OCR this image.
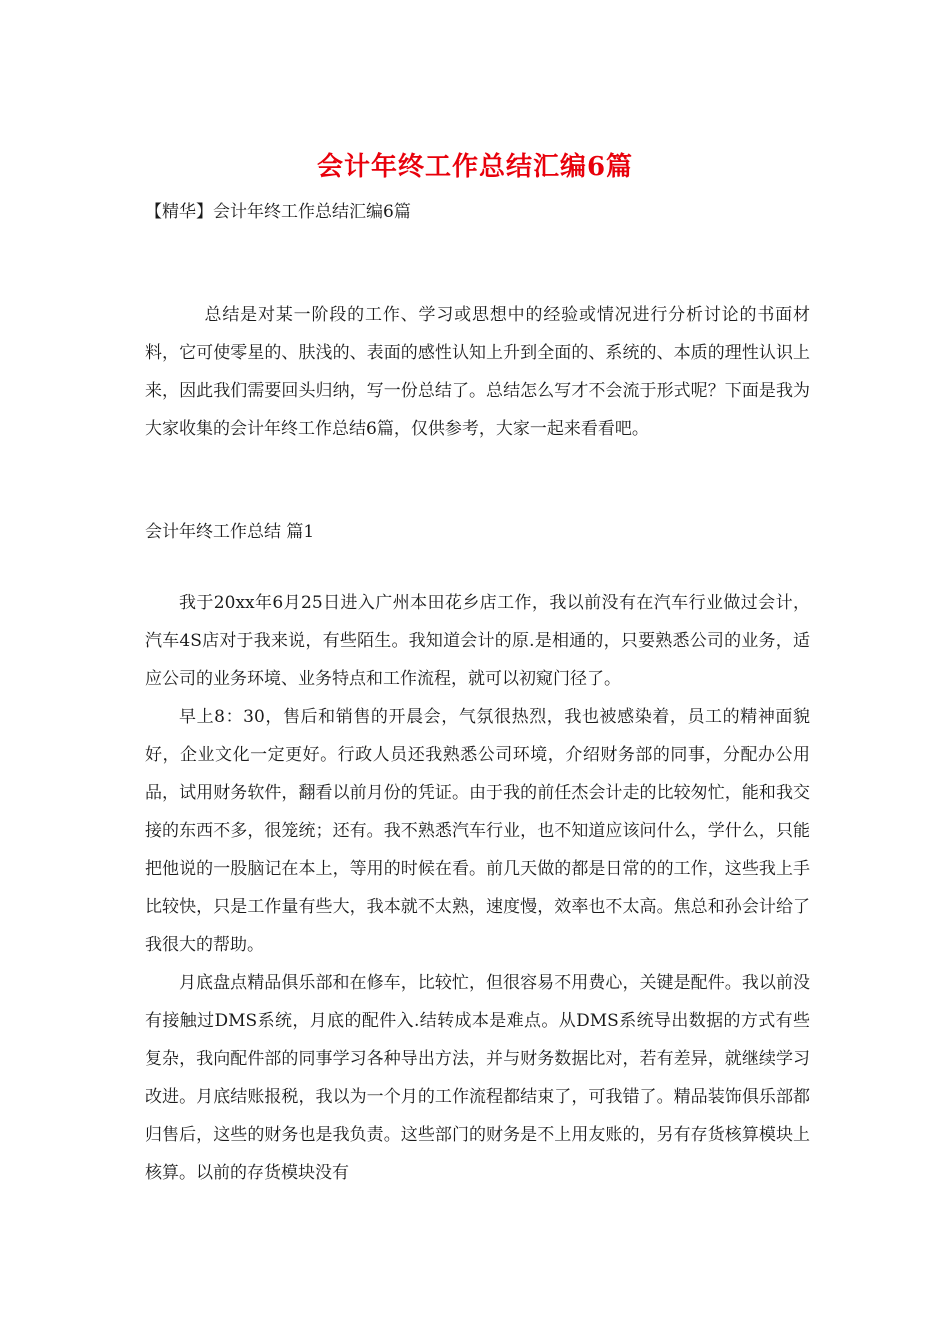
会计年终工作总结汇编6篇
【精华】会计年终工作总结汇编6篇

总结是对某一阶段的工作、学习或思想中的经验或情况进行分析讨论的书面材料，它可使零星的、肤浅的、表面的感性认知上升到全面的、系统的、本质的理性认识上来，因此我们需要回头归纳，写一份总结了。总结怎么写才不会流于形式呢？下面是我为大家收集的会计年终工作总结6篇，仅供参考，大家一起来看看吧。

会计年终工作总结 篇1

我于20xx年6月25日进入广州本田花乡店工作，我以前没有在汽车行业做过会计，汽车4S店对于我来说，有些陌生。我知道会计的原.是相通的，只要熟悉公司的业务，适应公司的业务环境、业务特点和工作流程，就可以初窥门径了。

早上8：30，售后和销售的开晨会，气氛很热烈，我也被感染着，员工的精神面貌好，企业文化一定更好。行政人员还我熟悉公司环境，介绍财务部的同事，分配办公用品，试用财务软件，翻看以前月份的凭证。由于我的前任杰会计走的比较匆忙，能和我交接的东西不多，很笼统；还有。我不熟悉汽车行业，也不知道应该问什么，学什么，只能把他说的一股脑记在本上，等用的时候在看。前几天做的都是日常的的工作，这些我上手比较快，只是工作量有些大，我本就不太熟，速度慢，效率也不太高。焦总和孙会计给了我很大的帮助。

月底盘点精品俱乐部和在修车，比较忙，但很容易不用费心，关键是配件。我以前没有接触过DMS系统，月底的配件入.结转成本是难点。从DMS系统导出数据的方式有些复杂，我向配件部的同事学习各种导出方法，并与财务数据比对，若有差异，就继续学习改进。月底结账报税，我以为一个月的工作流程都结束了，可我错了。精品装饰俱乐部都归售后，这些的财务也是我负责。这些部门的财务是不上用友账的，另有存货核算模块上核算。以前的存货模块没有
